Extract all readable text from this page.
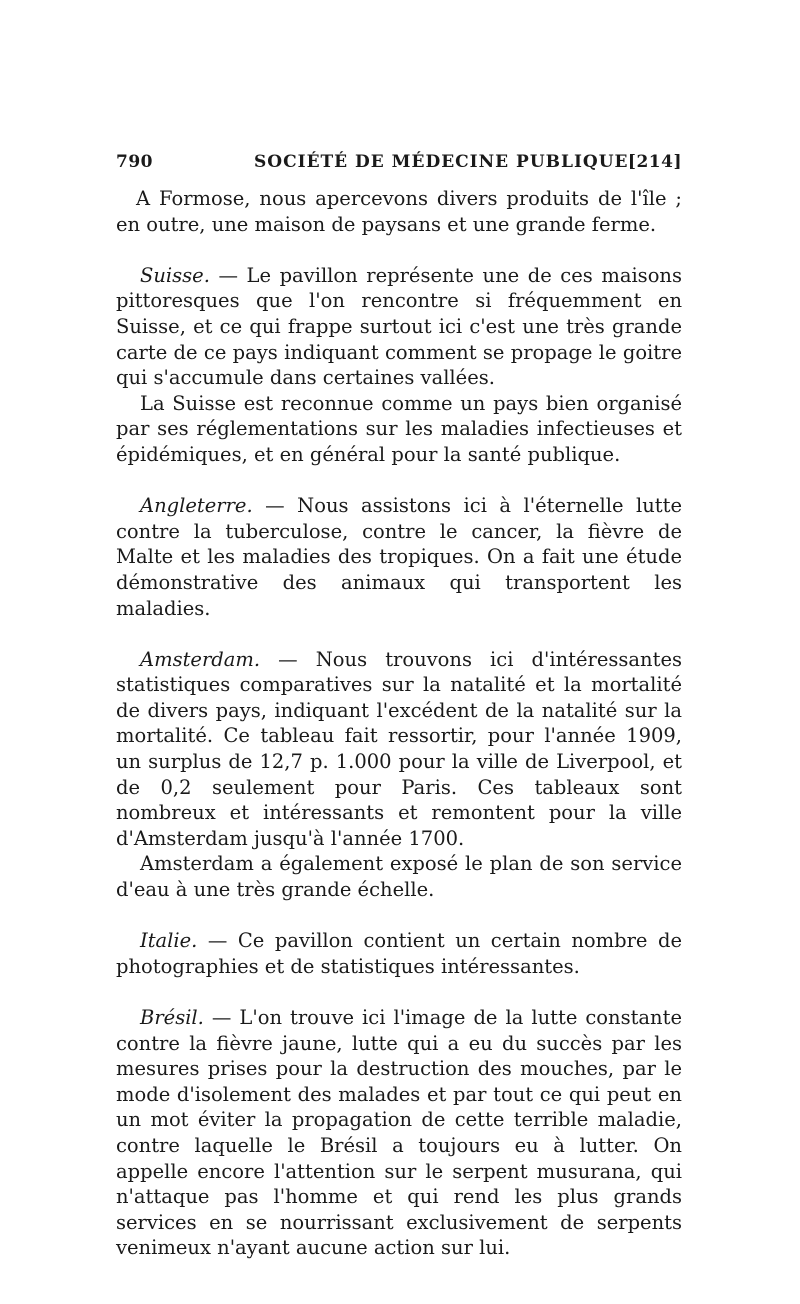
790	SOCIÉTÉ DE MÉDECINE PUBLIQUE [214]

A Formose, nous apercevons divers produits de l'île ; en outre, une maison de paysans et une grande ferme.

Suisse. — Le pavillon représente une de ces maisons pittoresques que l'on rencontre si fréquemment en Suisse, et ce qui frappe surtout ici c'est une très grande carte de ce pays indiquant comment se propage le goitre qui s'accumule dans certaines vallées.

La Suisse est reconnue comme un pays bien organisé par ses réglementations sur les maladies infectieuses et épidémiques, et en général pour la santé publique.

Angleterre. — Nous assistons ici à l'éternelle lutte contre la tuberculose, contre le cancer, la fièvre de Malte et les maladies des tropiques. On a fait une étude démonstrative des animaux qui transportent les maladies.

Amsterdam. — Nous trouvons ici d'intéressantes statistiques comparatives sur la natalité et la mortalité de divers pays, indiquant l'excédent de la natalité sur la mortalité. Ce tableau fait ressortir, pour l'année 1909, un surplus de 12,7 p. 1.000 pour la ville de Liverpool, et de 0,2 seulement pour Paris. Ces tableaux sont nombreux et intéressants et remontent pour la ville d'Amsterdam jusqu'à l'année 1700.

Amsterdam a également exposé le plan de son service d'eau à une très grande échelle.

Italie. — Ce pavillon contient un certain nombre de photographies et de statistiques intéressantes.

Brésil. — L'on trouve ici l'image de la lutte constante contre la fièvre jaune, lutte qui a eu du succès par les mesures prises pour la destruction des mouches, par le mode d'isolement des malades et par tout ce qui peut en un mot éviter la propagation de cette terrible maladie, contre laquelle le Brésil a toujours eu à lutter. On appelle encore l'attention sur le serpent musurana, qui n'attaque pas l'homme et qui rend les plus grands services en se nourrissant exclusivement de serpents venimeux n'ayant aucune action sur lui.
